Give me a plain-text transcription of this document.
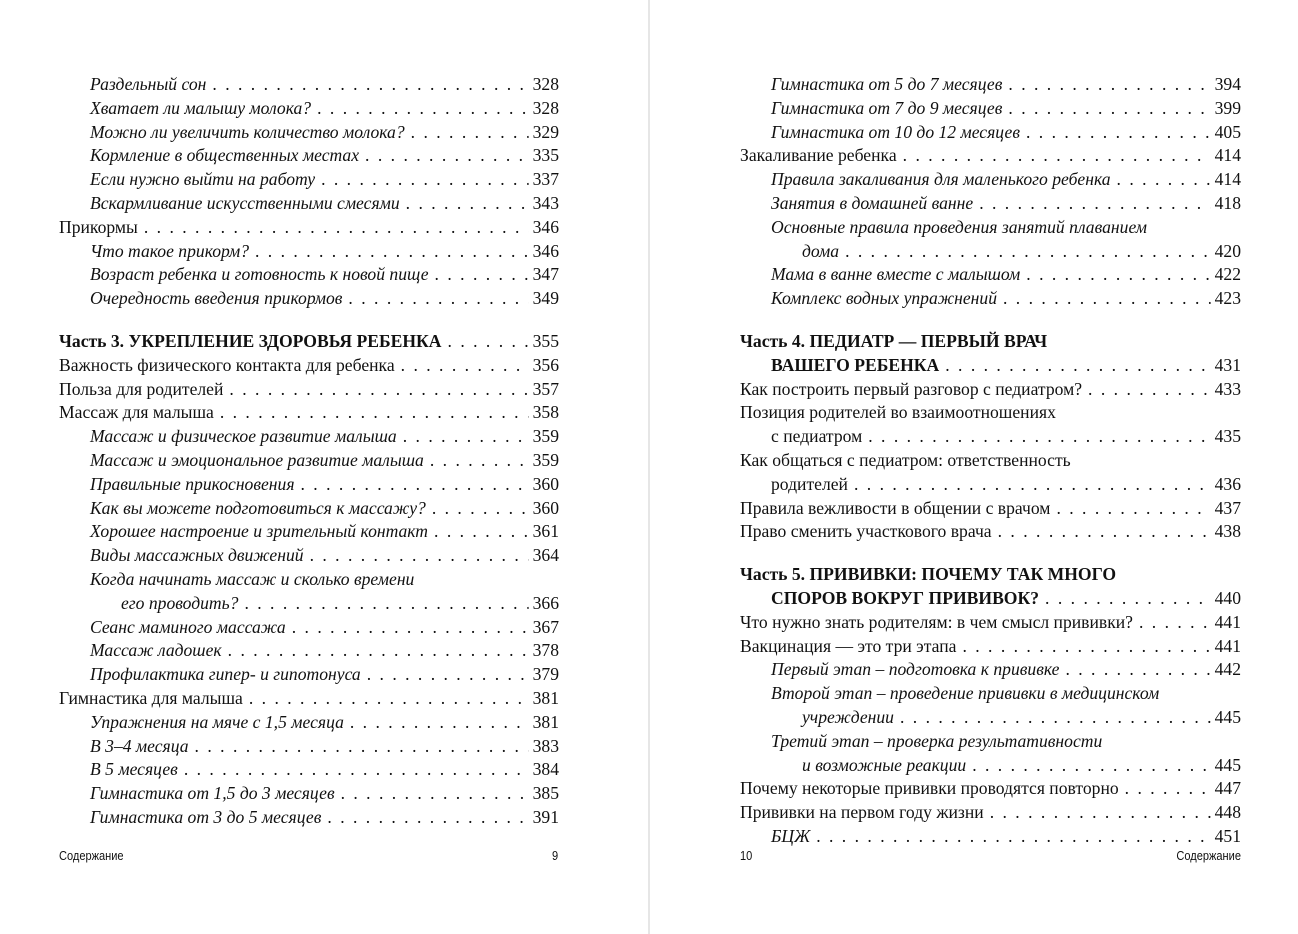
Раздельный сон . . .	328
Хватает ли малышу молока? . . .	328
Можно ли увеличить количество молока? . . .	329
Кормление в общественных местах . . .	335
Если нужно выйти на работу . . .	337
Вскармливание искусственными смесями . . .	343
Прикормы . . .	346
Что такое прикорм? . . .	346
Возраст ребенка и готовность к новой пище . . .	347
Очередность введения прикормов . . .	349
Часть 3. УКРЕПЛЕНИЕ ЗДОРОВЬЯ РЕБЕНКА . . .	355
Важность физического контакта для ребенка . . .	356
Польза для родителей . . .	357
Массаж для малыша . . .	358
Массаж и физическое развитие малыша . . .	359
Массаж и эмоциональное развитие малыша . . .	359
Правильные прикосновения . . .	360
Как вы можете подготовиться к массажу? . . .	360
Хорошее настроение и зрительный контакт . . .	361
Виды массажных движений . . .	364
Когда начинать массаж и сколько времени
его проводить? . . .	366
Сеанс маминого массажа . . .	367
Массаж ладошек . . .	378
Профилактика гипер- и гипотонуса . . .	379
Гимнастика для малыша . . .	381
Упражнения на мяче с 1,5 месяца . . .	381
В 3–4 месяца . . .	383
В 5 месяцев . . .	384
Гимнастика от 1,5 до 3 месяцев . . .	385
Гимнастика от 3 до 5 месяцев . . .	391
Содержание	9
Гимнастика от 5 до 7 месяцев . . .	394
Гимнастика от 7 до 9 месяцев . . .	399
Гимнастика от 10 до 12 месяцев . . .	405
Закаливание ребенка . . .	414
Правила закаливания для маленького ребенка . . .	414
Занятия в домашней ванне . . .	418
Основные правила проведения занятий плаванием
дома . . .	420
Мама в ванне вместе с малышом . . .	422
Комплекс водных упражнений . . .	423
Часть 4. ПЕДИАТР — ПЕРВЫЙ ВРАЧ
ВАШЕГО РЕБЕНКА . . .	431
Как построить первый разговор с педиатром? . . .	433
Позиция родителей во взаимоотношениях
с педиатром . . .	435
Как общаться с педиатром: ответственность
родителей . . .	436
Правила вежливости в общении с врачом . . .	437
Право сменить участкового врача . . .	438
Часть 5. ПРИВИВКИ: ПОЧЕМУ ТАК МНОГО
СПОРОВ ВОКРУГ ПРИВИВОК? . . .	440
Что нужно знать родителям: в чем смысл прививки? . . .	441
Вакцинация — это три этапа . . .	441
Первый этап – подготовка к прививке . . .	442
Второй этап – проведение прививки в медицинском
учреждении . . .	445
Третий этап – проверка результативности
и возможные реакции . . .	445
Почему некоторые прививки проводятся повторно . . .	447
Прививки на первом году жизни . . .	448
БЦЖ . . .	451
10	Содержание
